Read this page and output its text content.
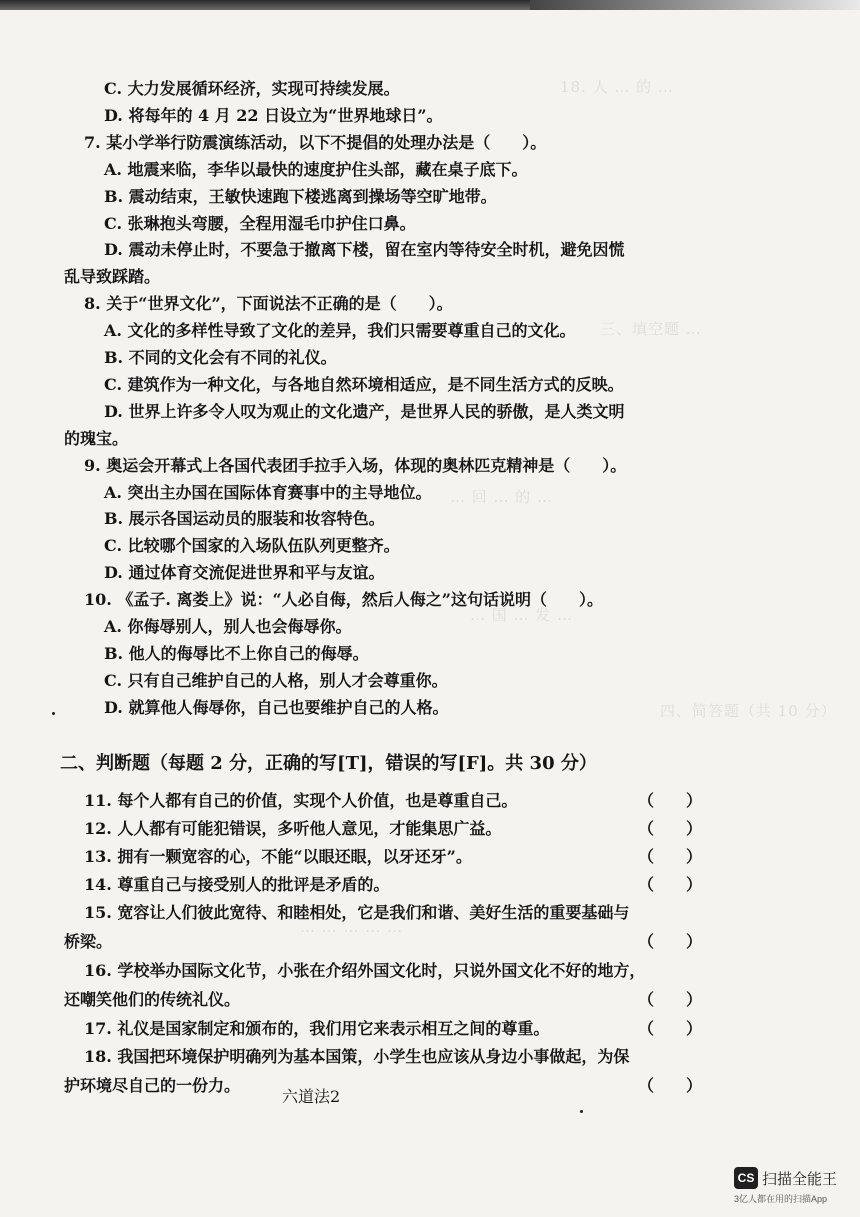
18. 人 … 的 …
三、填空题 …
… 回 … 的 …
… 国 … 发 …
四、简答题（共 10 分）
… … … … …
C. 大力发展循环经济，实现可持续发展。
D. 将每年的 4 月 22 日设立为“世界地球日”。
7. 某小学举行防震演练活动，以下不提倡的处理办法是（　　）。
A. 地震来临，李华以最快的速度护住头部，藏在桌子底下。
B. 震动结束，王敏快速跑下楼逃离到操场等空旷地带。
C. 张琳抱头弯腰，全程用湿毛巾护住口鼻。
D. 震动未停止时，不要急于撤离下楼，留在室内等待安全时机，避免因慌
乱导致踩踏。
8. 关于“世界文化”，下面说法不正确的是（　　）。
A. 文化的多样性导致了文化的差异，我们只需要尊重自己的文化。
B. 不同的文化会有不同的礼仪。
C. 建筑作为一种文化，与各地自然环境相适应，是不同生活方式的反映。
D. 世界上许多令人叹为观止的文化遗产，是世界人民的骄傲，是人类文明
的瑰宝。
9. 奥运会开幕式上各国代表团手拉手入场，体现的奥林匹克精神是（　　）。
A. 突出主办国在国际体育赛事中的主导地位。
B. 展示各国运动员的服装和妆容特色。
C. 比较哪个国家的入场队伍队列更整齐。
D. 通过体育交流促进世界和平与友谊。
10. 《孟子. 离娄上》说：“人必自侮，然后人侮之”这句话说明（　　）。
A. 你侮辱别人，别人也会侮辱你。
B. 他人的侮辱比不上你自己的侮辱。
C. 只有自己维护自己的人格，别人才会尊重你。
D. 就算他人侮辱你，自己也要维护自己的人格。
二、判断题（每题 2 分，正确的写[T]，错误的写[F]。共 30 分）
11. 每个人都有自己的价值，实现个人价值，也是尊重自己。	（　　）
12. 人人都有可能犯错误，多听他人意见，才能集思广益。	（　　）
13. 拥有一颗宽容的心，不能“以眼还眼，以牙还牙”。	（　　）
14. 尊重自己与接受别人的批评是矛盾的。	（　　）
15. 宽容让人们彼此宽待、和睦相处，它是我们和谐、美好生活的重要基础与
桥梁。	（　　）
16. 学校举办国际文化节，小张在介绍外国文化时，只说外国文化不好的地方，
还嘲笑他们的传统礼仪。	（　　）
17. 礼仪是国家制定和颁布的，我们用它来表示相互之间的尊重。	（　　）
18. 我国把环境保护明确列为基本国策，小学生也应该从身边小事做起，为保
护环境尽自己的一份力。	（　　）
六道法2
CS 扫描全能王
3亿人都在用的扫描App
